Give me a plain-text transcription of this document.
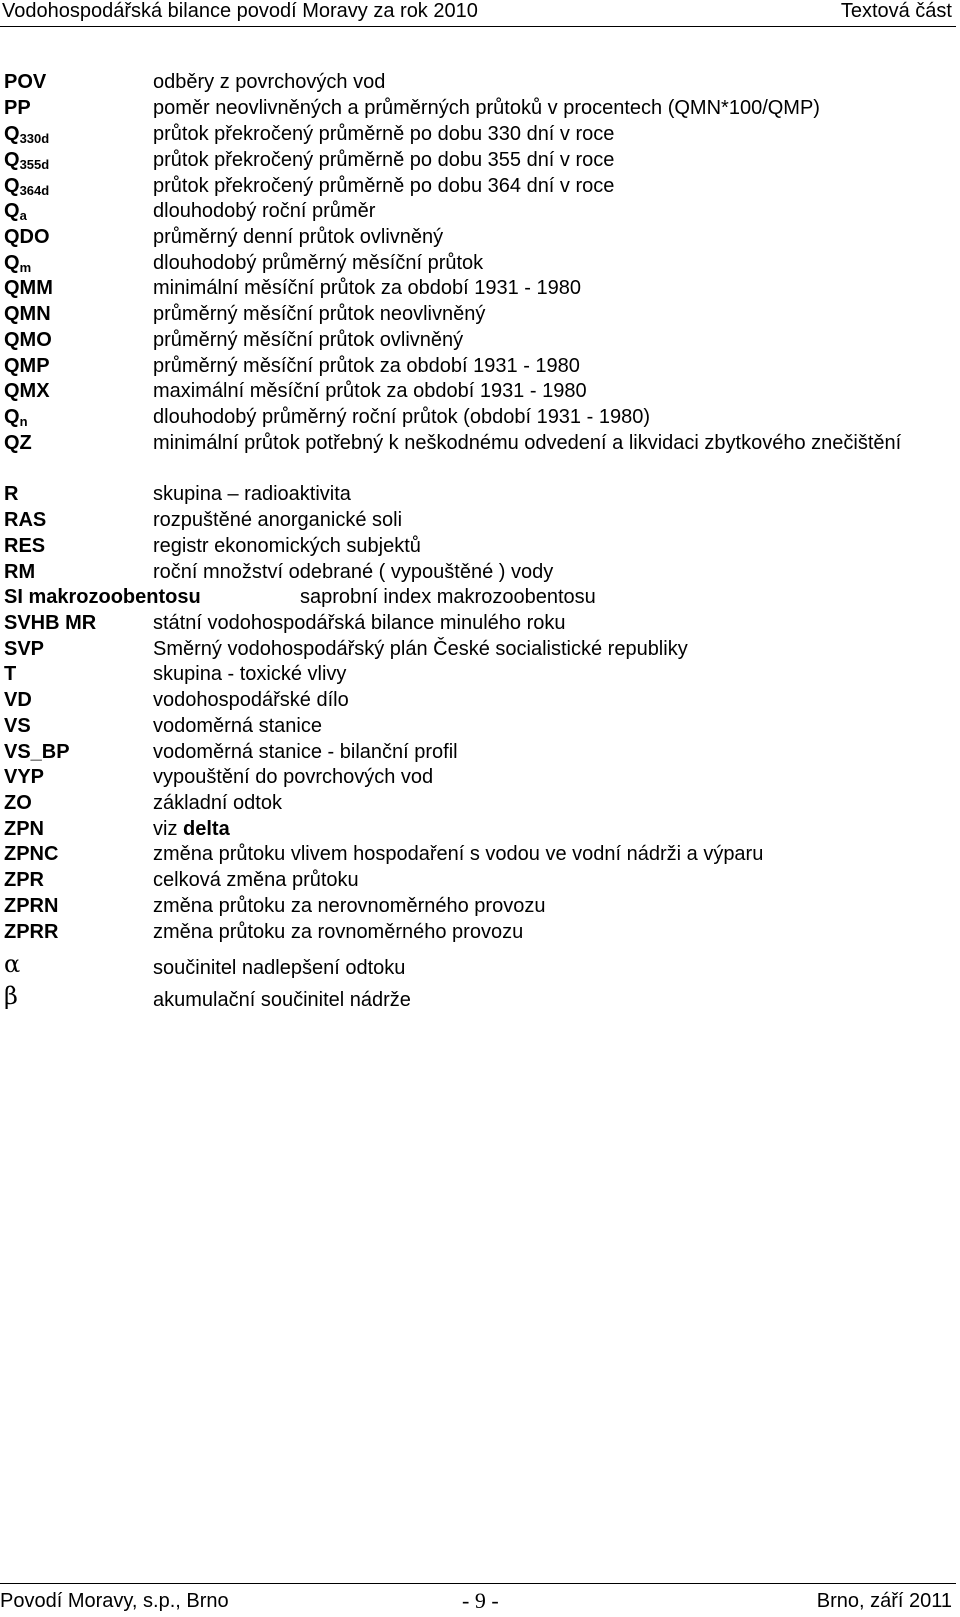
Vodohospodářská bilance povodí Moravy za rok 2010	Textová část
POV	odběry z povrchových vod
PP	poměr neovlivněných a průměrných průtoků v procentech (QMN*100/QMP)
$Q_{330d}$	průtok překročený průměrně po dobu 330 dní v roce
$Q_{355d}$	průtok překročený průměrně po dobu 355 dní v roce
$Q_{364d}$	průtok překročený průměrně po dobu 364 dní v roce
$Q_a$	dlouhodobý roční průměr
QDO	průměrný denní průtok ovlivněný
$Q_m$	dlouhodobý průměrný měsíční průtok
QMM	minimální měsíční průtok za období 1931 - 1980
QMN	průměrný měsíční průtok neovlivněný
QMO	průměrný měsíční průtok ovlivněný
QMP	průměrný měsíční průtok za období 1931 - 1980
QMX	maximální měsíční průtok za období 1931 - 1980
$Q_n$	dlouhodobý průměrný roční průtok (období 1931 - 1980)
QZ	minimální průtok potřebný k neškodnému odvedení a likvidaci zbytkového znečištění
R	skupina – radioaktivita
RAS	rozpuštěné anorganické soli
RES	registr ekonomických subjektů
RM	roční množství odebrané ( vypouštěné ) vody
SI makrozoobentosu	saprobní index makrozoobentosu
SVHB MR	státní vodohospodářská bilance minulého roku
SVP	Směrný vodohospodářský plán České socialistické republiky
T	skupina - toxické vlivy
VD	vodohospodářské dílo
VS	vodoměrná stanice
VS_BP	vodoměrná stanice - bilanční profil
VYP	vypouštění do povrchových vod
ZO	základní odtok
ZPN	viz delta
ZPNC	změna průtoku vlivem hospodaření s vodou ve vodní nádrži a výparu
ZPR	celková změna průtoku
ZPRN	změna průtoku za nerovnoměrného provozu
ZPRR	změna průtoku za rovnoměrného provozu
α	součinitel nadlepšení odtoku
β	akumulační součinitel nádrže
Povodí Moravy, s.p., Brno	- 9 -	Brno, září 2011
